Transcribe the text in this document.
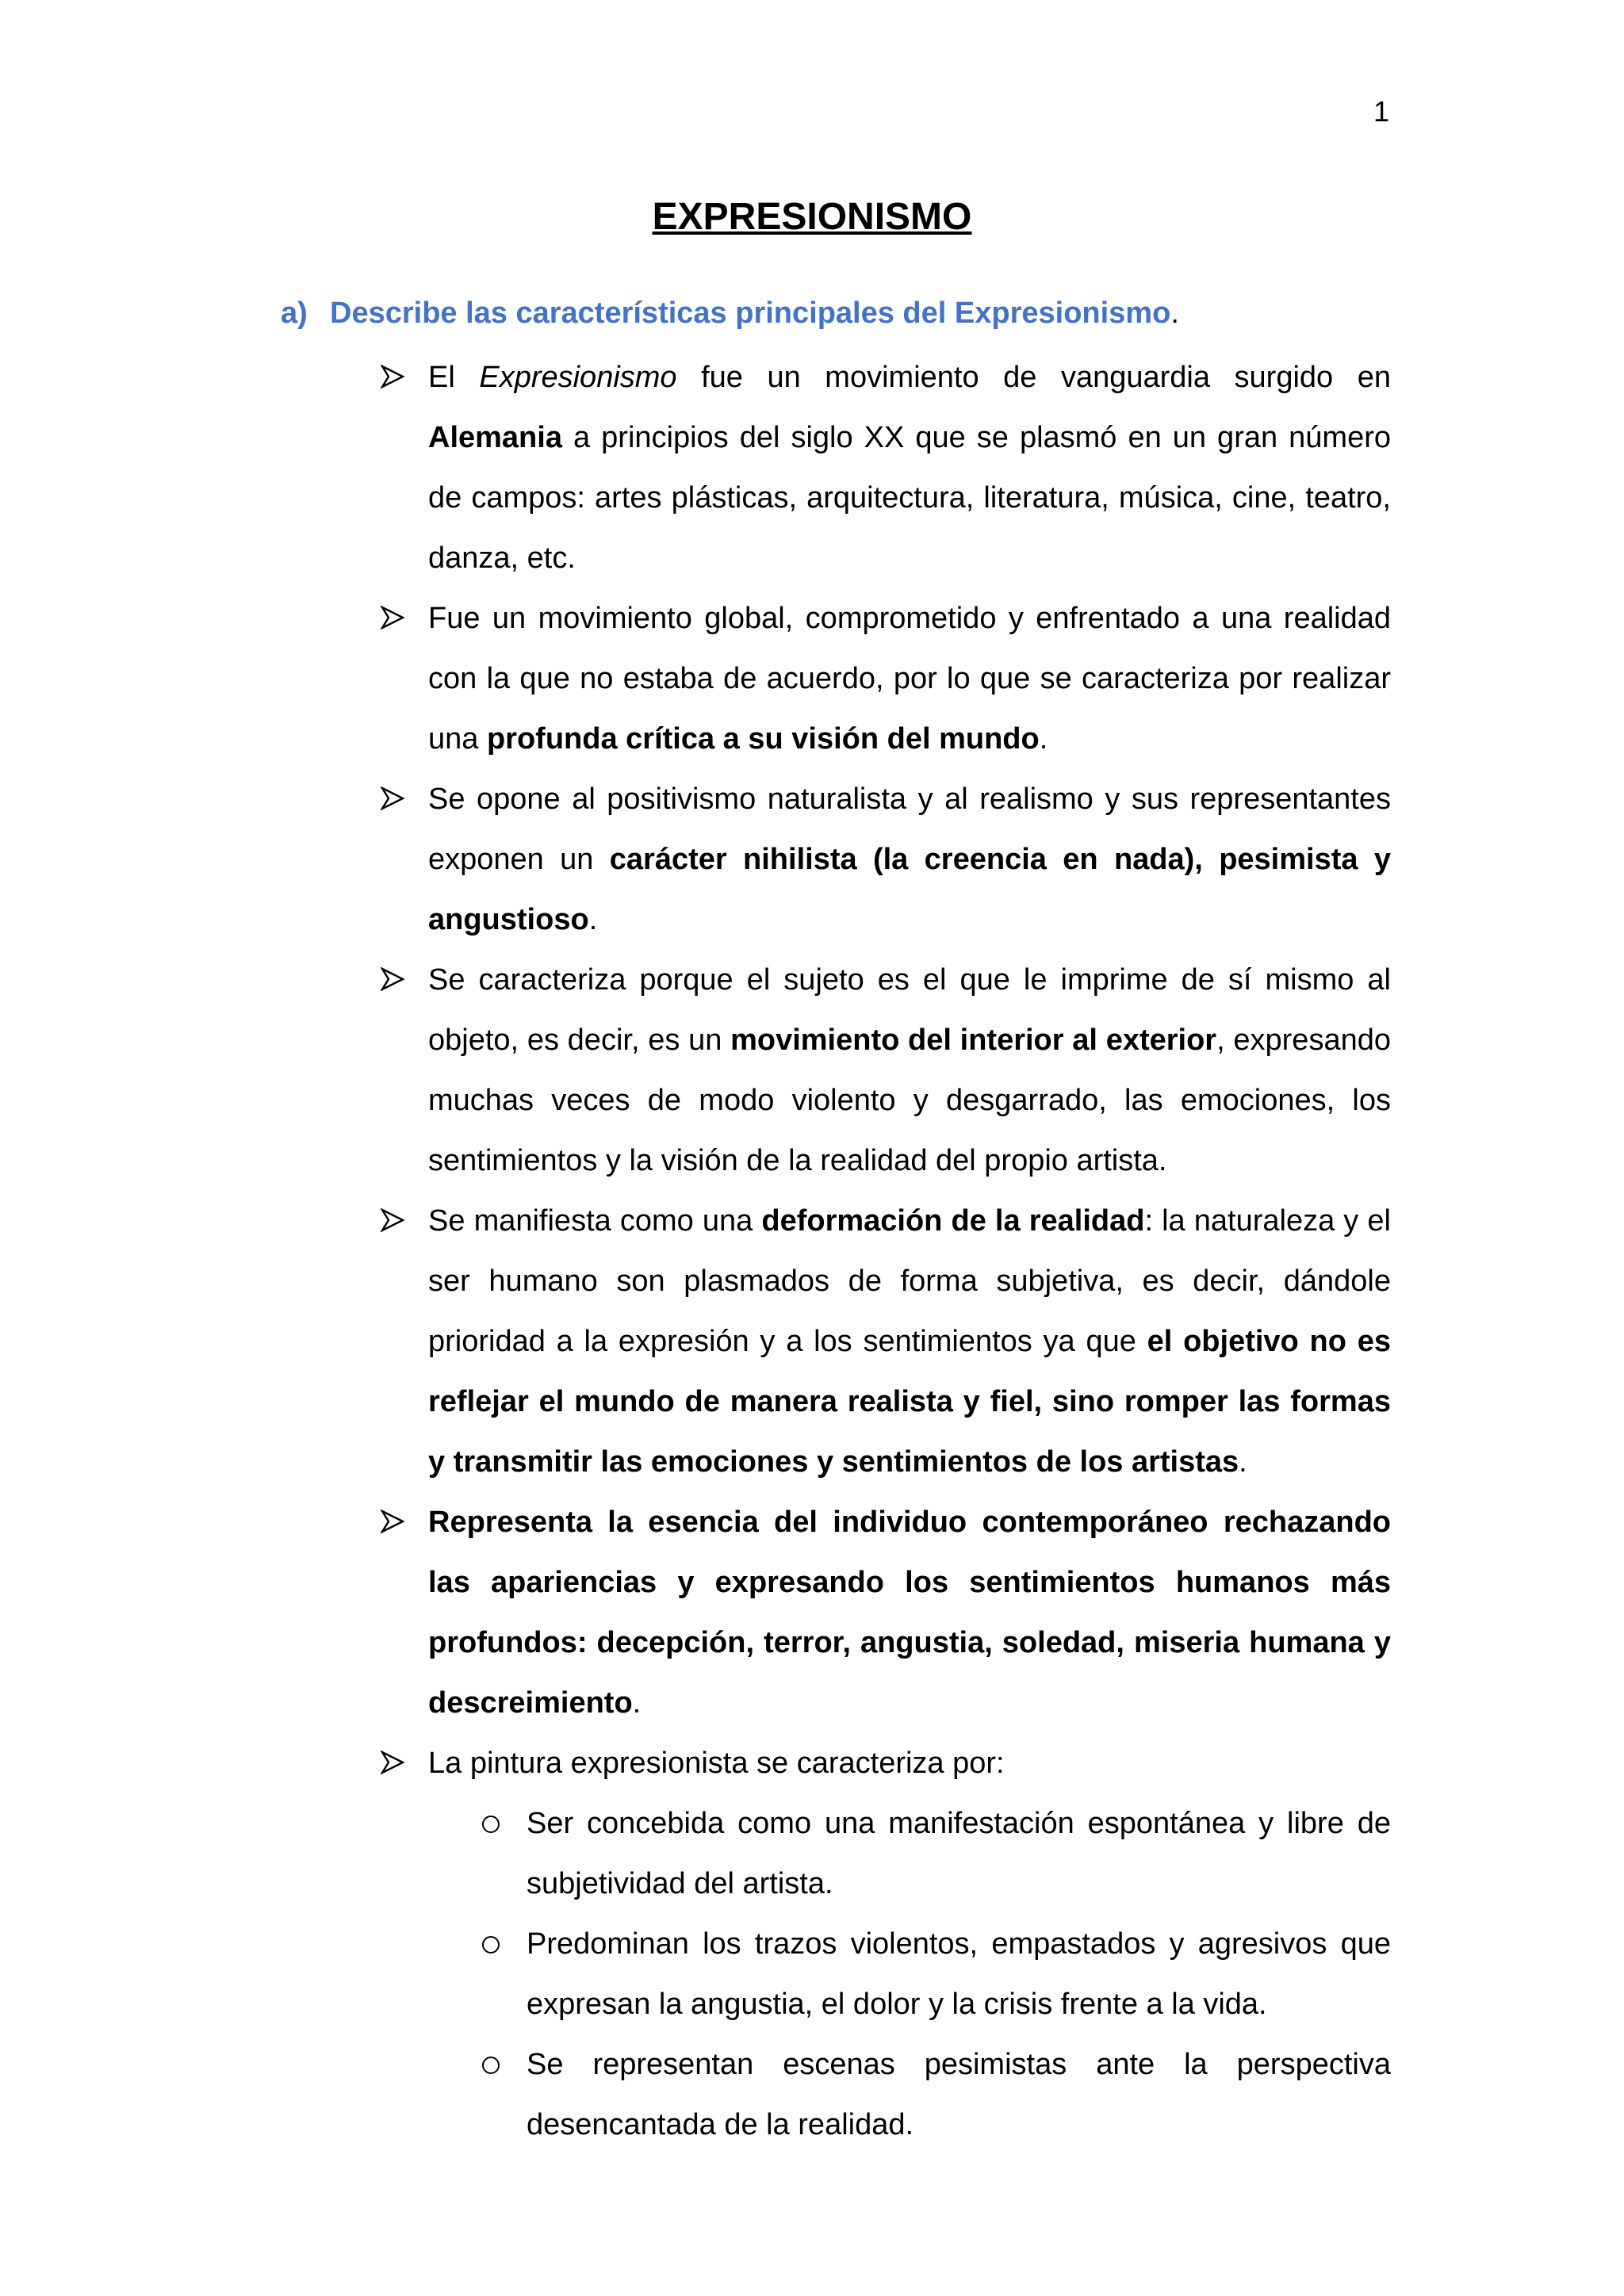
1
EXPRESIONISMO
a) Describe las características principales del Expresionismo.
El Expresionismo fue un movimiento de vanguardia surgido en Alemania a principios del siglo XX que se plasmó en un gran número de campos: artes plásticas, arquitectura, literatura, música, cine, teatro, danza, etc.
Fue un movimiento global, comprometido y enfrentado a una realidad con la que no estaba de acuerdo, por lo que se caracteriza por realizar una profunda crítica a su visión del mundo.
Se opone al positivismo naturalista y al realismo y sus representantes exponen un carácter nihilista (la creencia en nada), pesimista y angustioso.
Se caracteriza porque el sujeto es el que le imprime de sí mismo al objeto, es decir, es un movimiento del interior al exterior, expresando muchas veces de modo violento y desgarrado, las emociones, los sentimientos y la visión de la realidad del propio artista.
Se manifiesta como una deformación de la realidad: la naturaleza y el ser humano son plasmados de forma subjetiva, es decir, dándole prioridad a la expresión y a los sentimientos ya que el objetivo no es reflejar el mundo de manera realista y fiel, sino romper las formas y transmitir las emociones y sentimientos de los artistas.
Representa la esencia del individuo contemporáneo rechazando las apariencias y expresando los sentimientos humanos más profundos: decepción, terror, angustia, soledad, miseria humana y descreimiento.
La pintura expresionista se caracteriza por:
Ser concebida como una manifestación espontánea y libre de subjetividad del artista.
Predominan los trazos violentos, empastados y agresivos que expresan la angustia, el dolor y la crisis frente a la vida.
Se representan escenas pesimistas ante la perspectiva desencantada de la realidad.
